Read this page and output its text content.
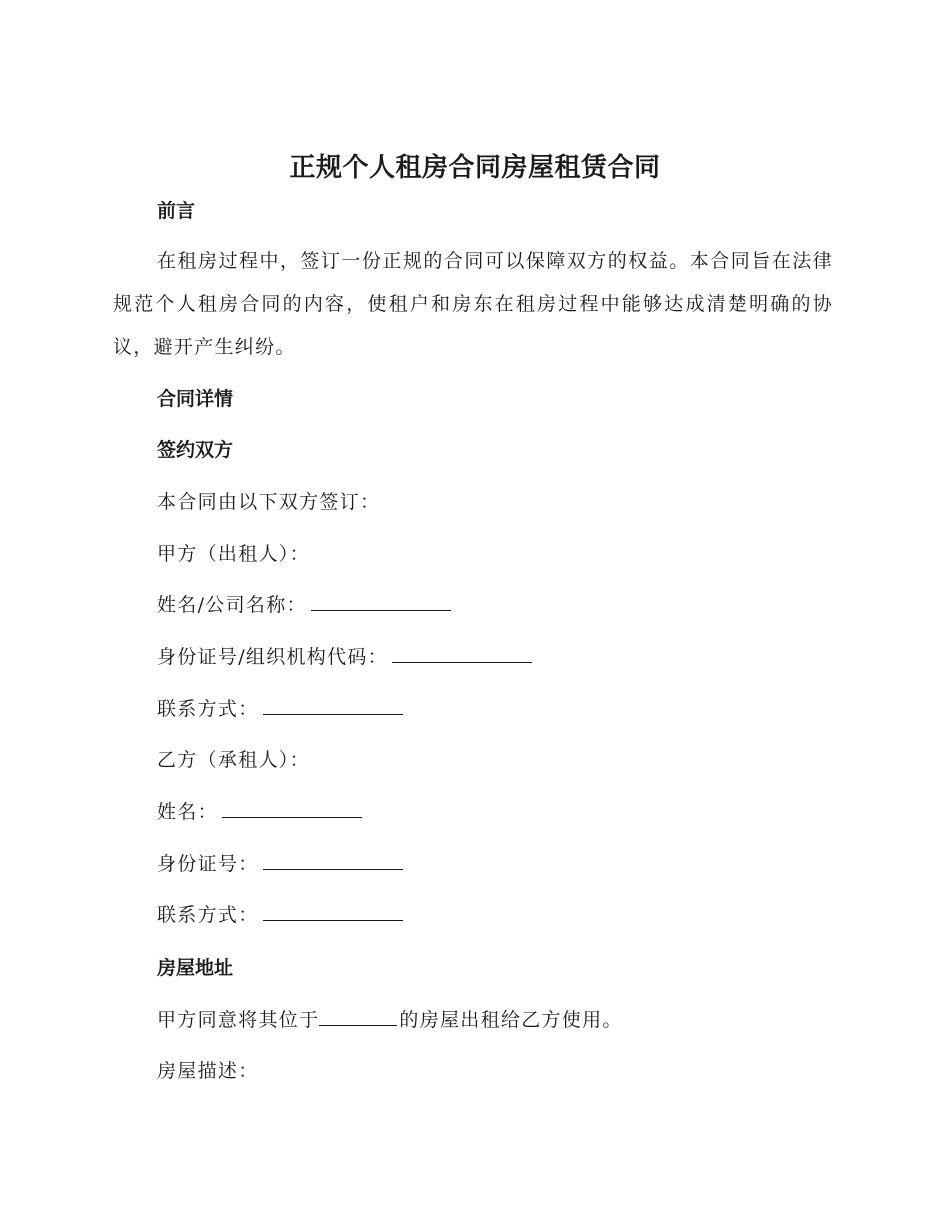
正规个人租房合同房屋租赁合同
前言
在租房过程中，签订一份正规的合同可以保障双方的权益。本合同旨在法律规范个人租房合同的内容，使租户和房东在租房过程中能够达成清楚明确的协议，避开产生纠纷。
合同详情
签约双方
本合同由以下双方签订：
甲方（出租人）：
姓名/公司名称：
身份证号/组织机构代码：
联系方式：
乙方（承租人）：
姓名：
身份证号：
联系方式：
房屋地址
甲方同意将其位于	的房屋出租给乙方使用。
房屋描述：
